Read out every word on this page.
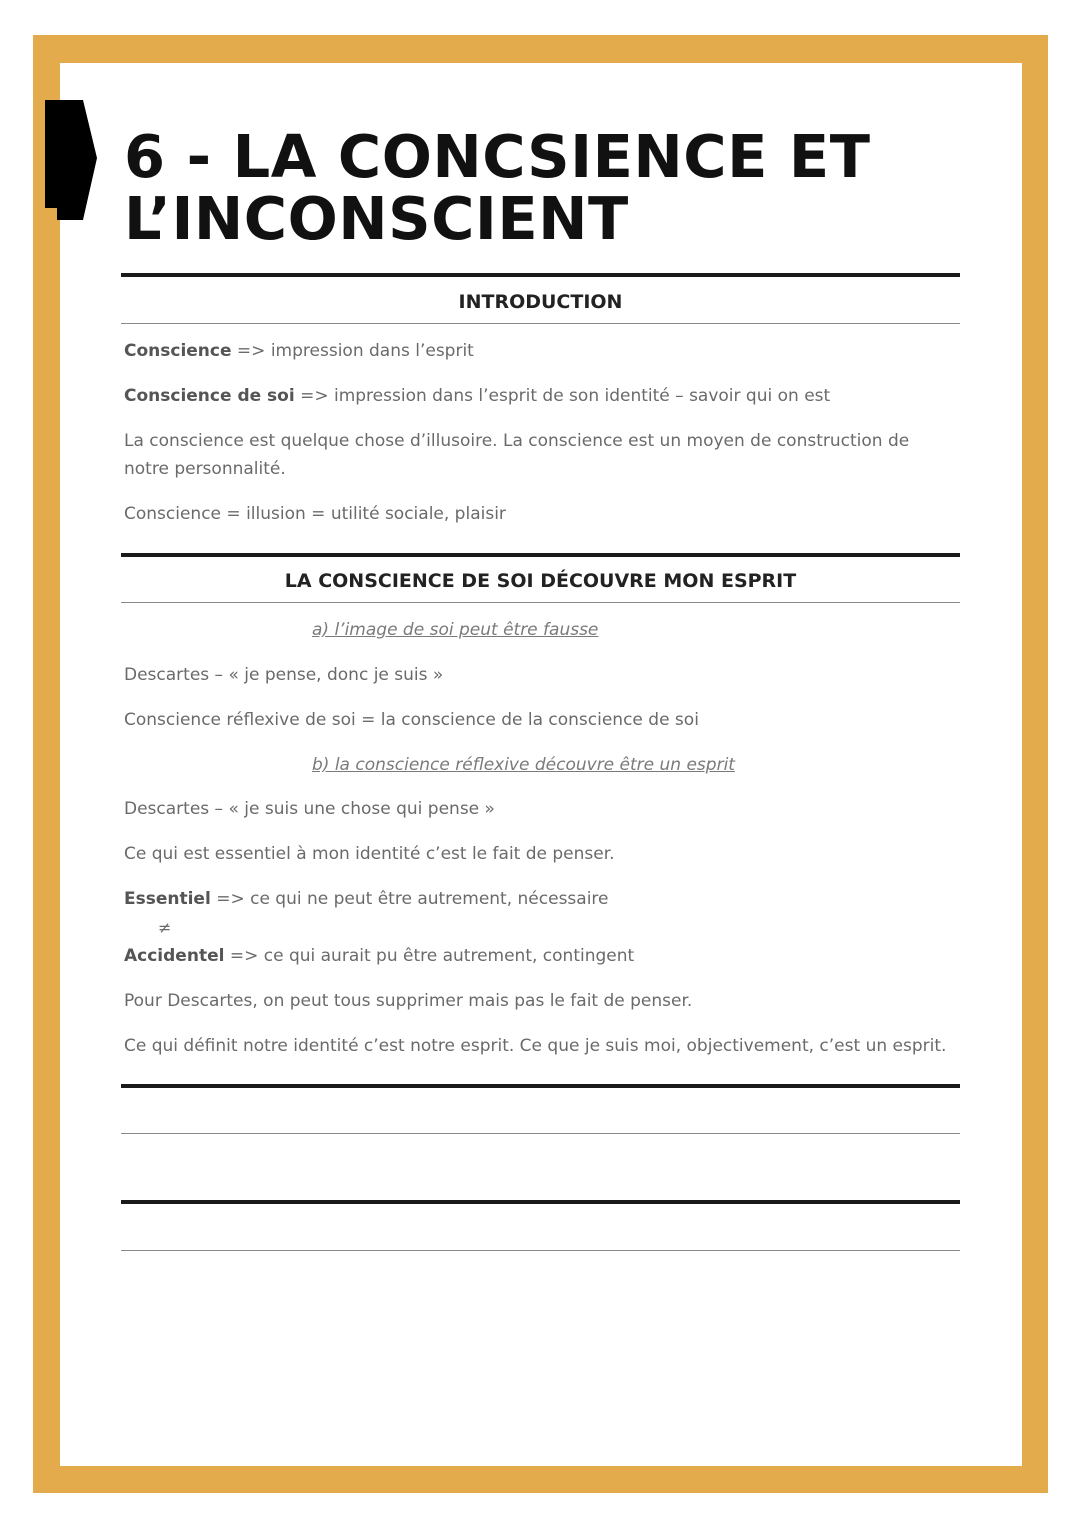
6 - LA CONCSIENCE ET L’INCONSCIENT
INTRODUCTION

Conscience => impression dans l’esprit

Conscience de soi => impression dans l’esprit de son identité – savoir qui on est

La conscience est quelque chose d’illusoire. La conscience est un moyen de construction de notre personnalité.

Conscience = illusion = utilité sociale, plaisir

LA CONSCIENCE DE SOI DÉCOUVRE MON ESPRIT

a) l’image de soi peut être fausse

Descartes – « je pense, donc je suis »

Conscience réflexive de soi = la conscience de la conscience de soi

b) la conscience réflexive découvre être un esprit

Descartes – « je suis une chose qui pense »

Ce qui est essentiel à mon identité c’est le fait de penser.

Essentiel => ce qui ne peut être autrement, nécessaire

≠

Accidentel => ce qui aurait pu être autrement, contingent

Pour Descartes, on peut tous supprimer mais pas le fait de penser.

Ce qui définit notre identité c’est notre esprit. Ce que je suis moi, objectivement, c’est un esprit.
